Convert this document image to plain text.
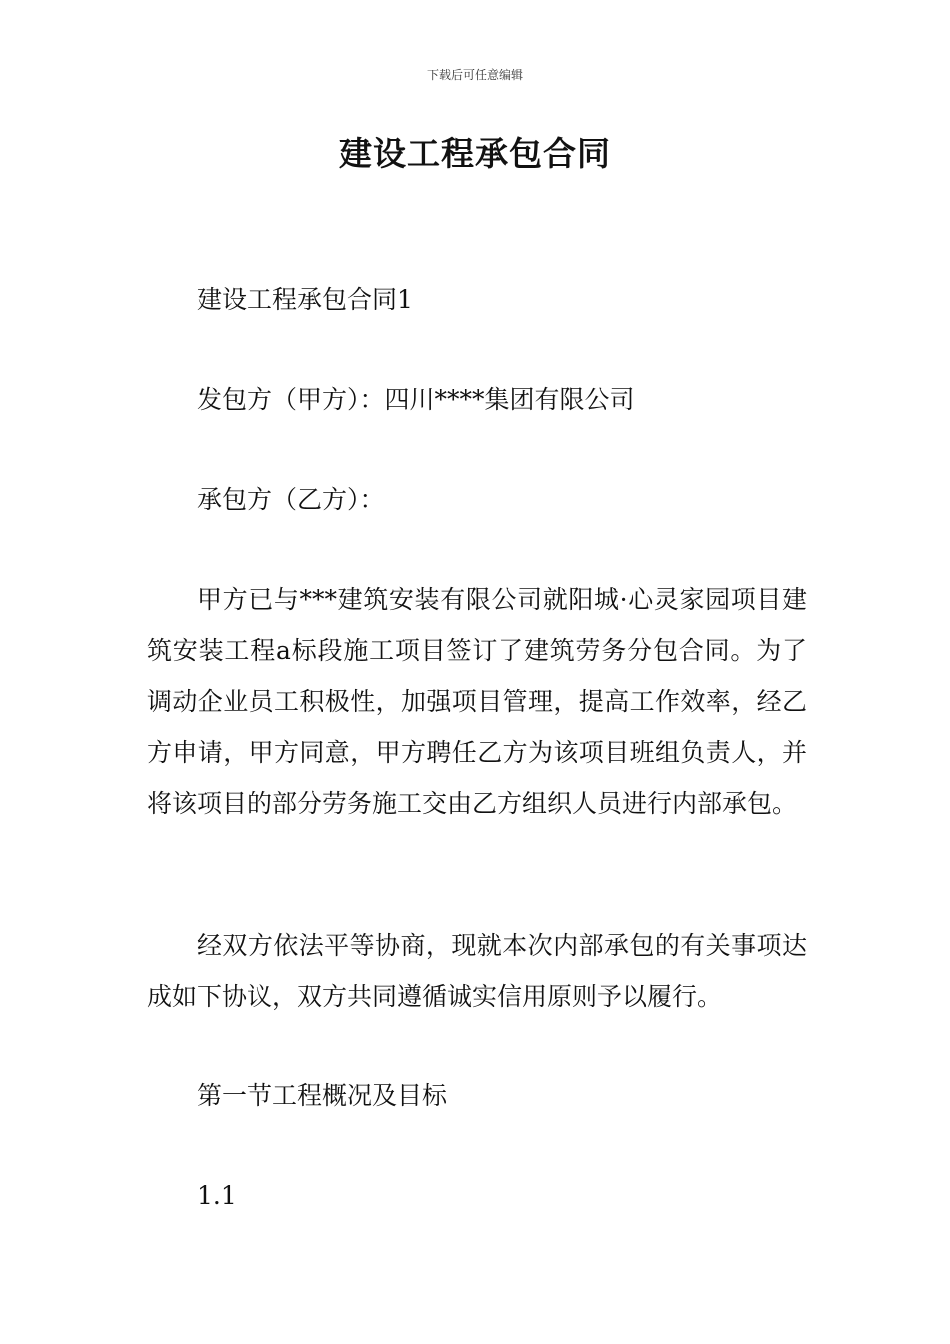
下载后可任意编辑
建设工程承包合同

建设工程承包合同1

发包方（甲方）：四川****集团有限公司

承包方（乙方）：

甲方已与***建筑安装有限公司就阳城·心灵家园项目建筑安装工程a标段施工项目签订了建筑劳务分包合同。为了调动企业员工积极性，加强项目管理，提高工作效率，经乙方申请，甲方同意，甲方聘任乙方为该项目班组负责人，并将该项目的部分劳务施工交由乙方组织人员进行内部承包。

经双方依法平等协商，现就本次内部承包的有关事项达成如下协议，双方共同遵循诚实信用原则予以履行。

第一节工程概况及目标

1.1
